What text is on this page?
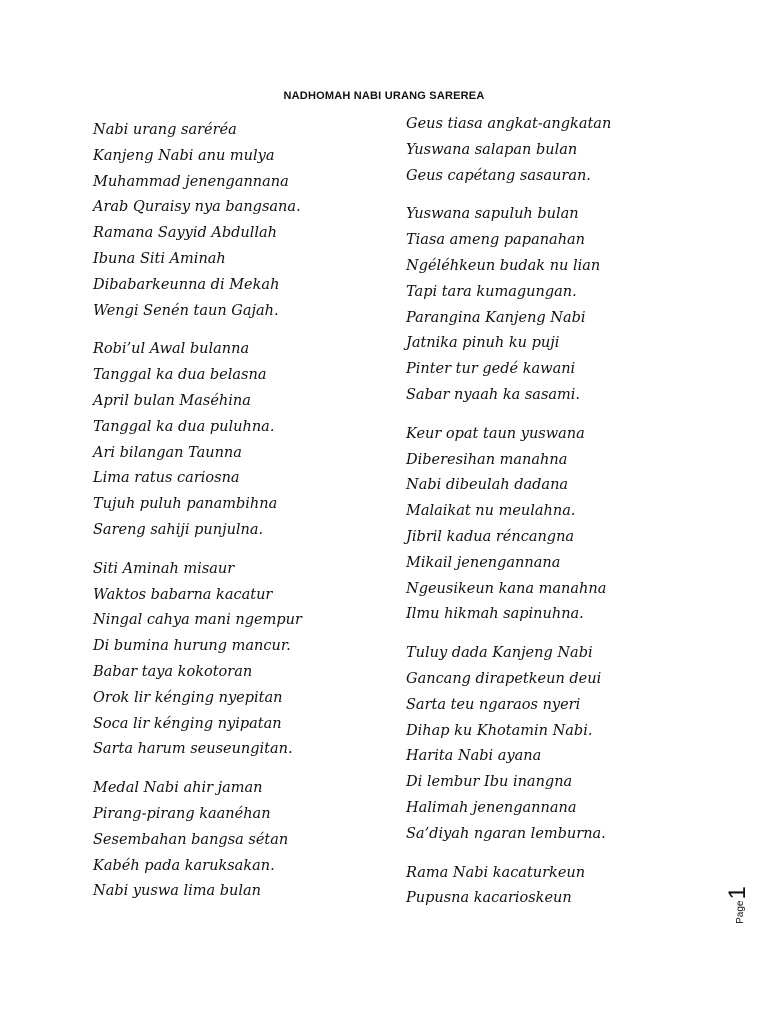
NADHOMAH NABI URANG SAREREA
Nabi urang saréréa
Kanjeng Nabi anu mulya
Muhammad jenengannana
Arab Quraisy nya bangsana.
Ramana Sayyid Abdullah
Ibuna Siti Aminah
Dibabarkeunna di Mekah
Wengi Senén taun Gajah.
Robi’ul Awal bulanna
Tanggal ka dua belasna
April bulan Maséhina
Tanggal ka dua puluhna.
Ari bilangan Taunna
Lima ratus cariosna
Tujuh puluh panambihna
Sareng sahiji punjulna.
Siti Aminah misaur
Waktos babarna kacatur
Ningal cahya mani ngempur
Di bumina hurung mancur.
Babar taya kokotoran
Orok lir kénging nyepitan
Soca lir kénging nyipatan
Sarta harum seuseungitan.
Medal Nabi ahir jaman
Pirang-pirang kaanéhan
Sesembahan bangsa sétan
Kabéh pada karuksakan.
Nabi yuswa lima bulan
Geus tiasa angkat-angkatan
Yuswana salapan bulan
Geus capétang sasauran.
Yuswana sapuluh bulan
Tiasa ameng papanahan
Ngéléhkeun budak nu lian
Tapi tara kumagungan.
Parangina Kanjeng Nabi
Jatnika pinuh ku puji
Pinter tur gedé kawani
Sabar nyaah ka sasami.
Keur opat taun yuswana
Diberesihan manahna
Nabi dibeulah dadana
Malaikat nu meulahna.
Jibril kadua réncangna
Mikail jenengannana
Ngeusikeun kana manahna
Ilmu hikmah sapinuhna.
Tuluy dada Kanjeng Nabi
Gancang dirapetkeun deui
Sarta teu ngaraos nyeri
Dihap ku Khotamin Nabi.
Harita Nabi ayana
Di lembur Ibu inangna
Halimah jenengannana
Sa’diyah ngaran lemburna.
Rama Nabi kacaturkeun
Pupusna kacarioskeun
Page
1
